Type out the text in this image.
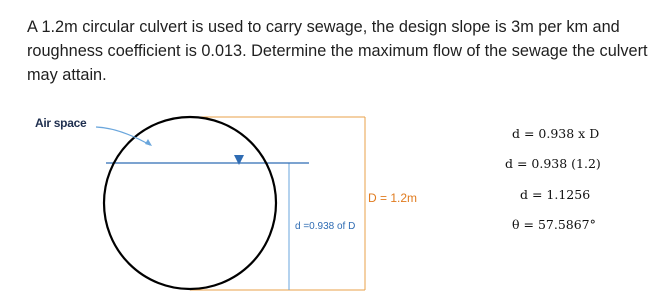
A 1.2m circular culvert is used to carry sewage, the design slope is 3m per km and roughness coefficient is 0.013. Determine the maximum flow of the sewage the culvert may attain.
Air space
D = 1.2m
d =0.938 of D
d = 0.938 x D
d = 0.938 (1.2)
d = 1.1256
θ = 57.5867°
